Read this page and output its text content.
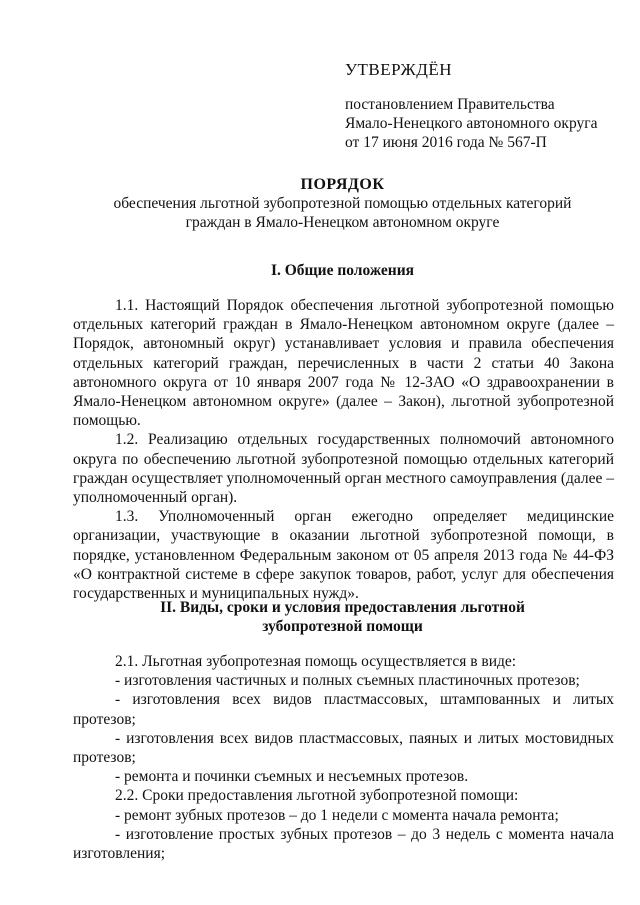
УТВЕРЖДЁН
постановлением Правительства
Ямало-Ненецкого автономного округа
от 17 июня 2016 года № 567-П
ПОРЯДОК
обеспечения льготной зубопротезной помощью отдельных категорий
граждан в Ямало-Ненецком автономном округе
I. Общие положения

1.1. Настоящий Порядок обеспечения льготной зубопротезной помощью отдельных категорий граждан в Ямало-Ненецком автономном округе (далее – Порядок, автономный округ) устанавливает условия и правила обеспечения отдельных категорий граждан, перечисленных в части 2 статьи 40 Закона автономного округа от 10 января 2007 года № 12-ЗАО «О здравоохранении в Ямало-Ненецком автономном округе» (далее – Закон), льготной зубопротезной помощью.

1.2. Реализацию отдельных государственных полномочий автономного округа по обеспечению льготной зубопротезной помощью отдельных категорий граждан осуществляет уполномоченный орган местного самоуправления (далее – уполномоченный орган).

1.3. Уполномоченный орган ежегодно определяет медицинские организации, участвующие в оказании льготной зубопротезной помощи, в порядке, установленном Федеральным законом от 05 апреля 2013 года № 44-ФЗ «О контрактной системе в сфере закупок товаров, работ, услуг для обеспечения государственных и муниципальных нужд».

II. Виды, сроки и условия предоставления льготной
зубопротезной помощи

2.1. Льготная зубопротезная помощь осуществляется в виде:

- изготовления частичных и полных съемных пластиночных протезов;

- изготовления всех видов пластмассовых, штампованных и литых протезов;

- изготовления всех видов пластмассовых, паяных и литых мостовидных протезов;

- ремонта и починки съемных и несъемных протезов.

2.2. Сроки предоставления льготной зубопротезной помощи:

- ремонт зубных протезов – до 1 недели с момента начала ремонта;

- изготовление простых зубных протезов – до 3 недель с момента начала изготовления;
